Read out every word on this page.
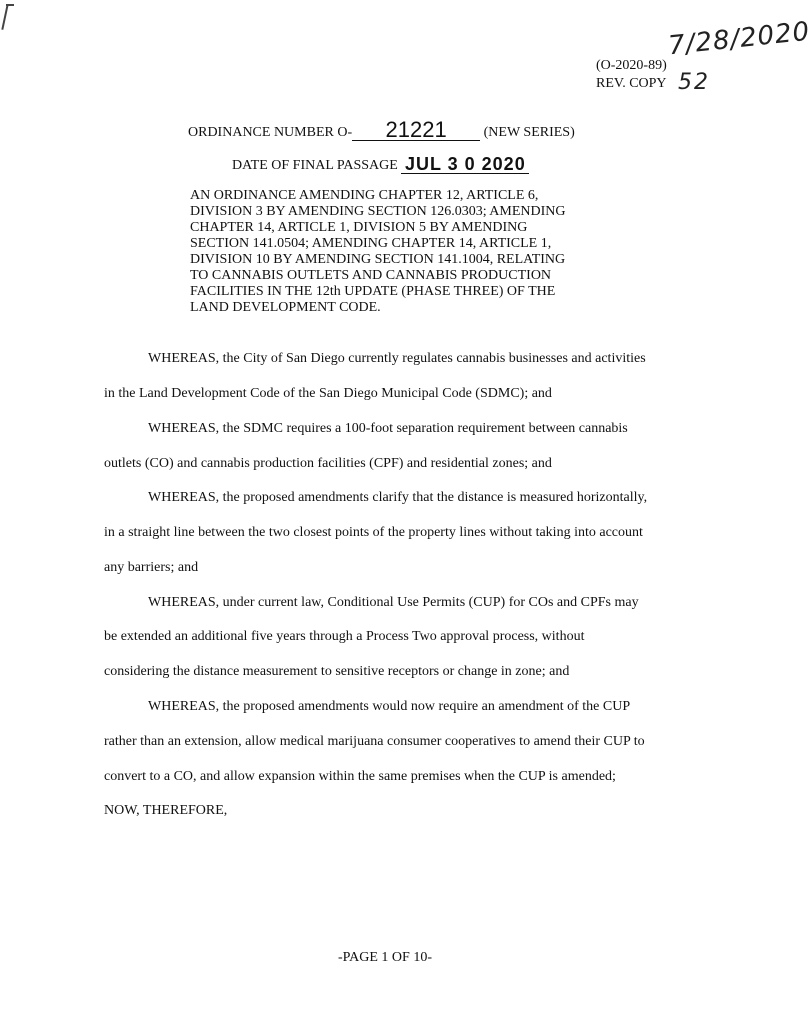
7/28/2020
52
(O-2020-89)
REV. COPY
ORDINANCE NUMBER O- 21221	(NEW SERIES)
DATE OF FINAL PASSAGE JUL 3 0 2020
AN ORDINANCE AMENDING CHAPTER 12, ARTICLE 6,
DIVISION 3 BY AMENDING SECTION 126.0303; AMENDING
CHAPTER 14, ARTICLE 1, DIVISION 5 BY AMENDING
SECTION 141.0504; AMENDING CHAPTER 14, ARTICLE 1,
DIVISION 10 BY AMENDING SECTION 141.1004, RELATING
TO CANNABIS OUTLETS AND CANNABIS PRODUCTION
FACILITIES IN THE 12th UPDATE (PHASE THREE) OF THE
LAND DEVELOPMENT CODE.
WHEREAS, the City of San Diego currently regulates cannabis businesses and activities
in the Land Development Code of the San Diego Municipal Code (SDMC); and
WHEREAS, the SDMC requires a 100-foot separation requirement between cannabis
outlets (CO) and cannabis production facilities (CPF) and residential zones; and
WHEREAS, the proposed amendments clarify that the distance is measured horizontally,
in a straight line between the two closest points of the property lines without taking into account
any barriers; and
WHEREAS, under current law, Conditional Use Permits (CUP) for COs and CPFs may
be extended an additional five years through a Process Two approval process, without
considering the distance measurement to sensitive receptors or change in zone; and
WHEREAS, the proposed amendments would now require an amendment of the CUP
rather than an extension, allow medical marijuana consumer cooperatives to amend their CUP to
convert to a CO, and allow expansion within the same premises when the CUP is amended;
NOW, THEREFORE,
-PAGE 1 OF 10-
